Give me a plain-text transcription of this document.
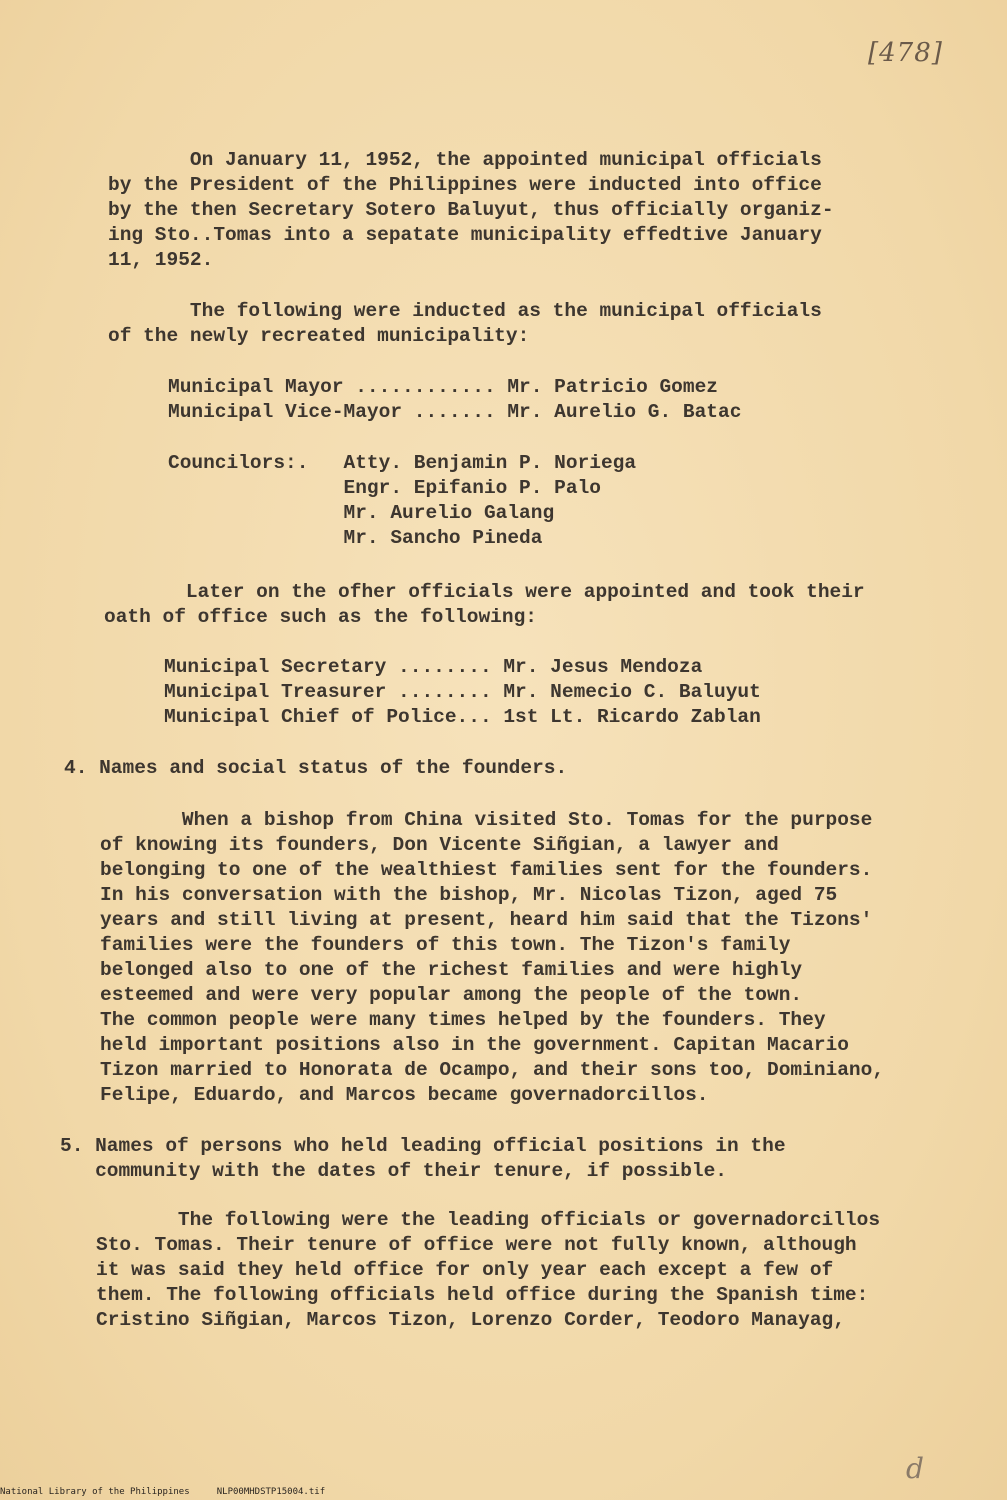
[478]
On January 11, 1952, the appointed municipal officials
by the President of the Philippines were inducted into office
by the then Secretary Sotero Baluyut, thus officially organiz-
ing Sto..Tomas into a sepatate municipality effedtive January
11, 1952.
The following were inducted as the municipal officials
of the newly recreated municipality:
Municipal Mayor ............ Mr. Patricio Gomez
Municipal Vice-Mayor ....... Mr. Aurelio G. Batac
Councilors:.   Atty. Benjamin P. Noriega
Engr. Epifanio P. Palo
Mr. Aurelio Galang
Mr. Sancho Pineda
Later on the ofher officials were appointed and took their
oath of office such as the following:
Municipal Secretary ........ Mr. Jesus Mendoza
Municipal Treasurer ........ Mr. Nemecio C. Baluyut
Municipal Chief of Police... 1st Lt. Ricardo Zablan
4. Names and social status of the founders.
When a bishop from China visited Sto. Tomas for the purpose
of knowing its founders, Don Vicente Siñgian, a lawyer and
belonging to one of the wealthiest families sent for the founders.
In his conversation with the bishop, Mr. Nicolas Tizon, aged 75
years and still living at present, heard him said that the Tizons'
families were the founders of this town. The Tizon's family
belonged also to one of the richest families and were highly
esteemed and were very popular among the people of the town.
The common people were many times helped by the founders. They
held important positions also in the government. Capitan Macario
Tizon married to Honorata de Ocampo, and their sons too, Dominiano,
Felipe, Eduardo, and Marcos became governadorcillos.
5. Names of persons who held leading official positions in the
community with the dates of their tenure, if possible.
The following were the leading officials or governadorcillos
Sto. Tomas. Their tenure of office were not fully known, although
it was said they held office for only year each except a few of
them. The following officials held office during the Spanish time:
Cristino Siñgian, Marcos Tizon, Lorenzo Corder, Teodoro Manayag,
d
National Library of the Philippines     NLP00MHDSTP15004.tif
